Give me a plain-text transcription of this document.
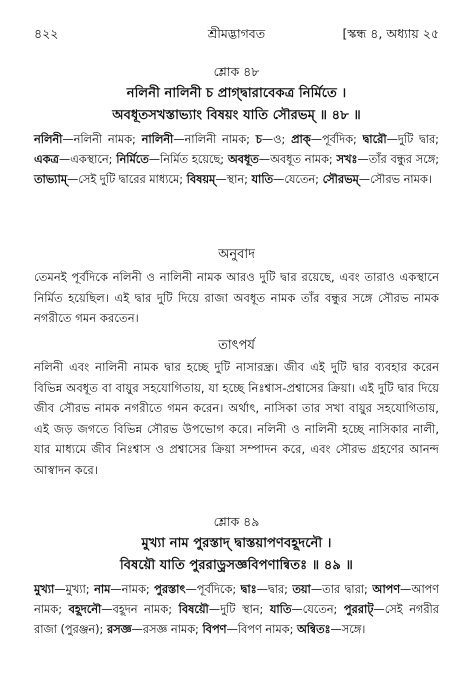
৪২২	শ্রীমদ্ভাগবত	[স্কন্ধ ৪, অধ্যায় ২৫
শ্লোক ৪৮
নলিনী নালিনী চ প্রাগ্দ্বারাবেকত্র নির্মিতে ।
অবধূতসখস্তাভ্যাং বিষয়ং যাতি সৌরভম্‌ ॥ ৪৮ ॥
নলিনী—নলিনী নামক; নালিনী—নালিনী নামক; চ—ও; প্রাক্‌—পূর্বদিক; দ্বারৌ—দুটি দ্বার; একত্র—একস্থানে; নির্মিতে—নির্মিত হয়েছে; অবধূত—অবধূত নামক; সখঃ—তাঁর বন্ধুর সঙ্গে; তাভ্যাম্‌—সেই দুটি দ্বারের মাধ্যমে; বিষয়ম্‌—স্থান; যাতি—যেতেন; সৌরভম্‌—সৌরভ নামক।
অনুবাদ
তেমনই পূর্বদিকে নলিনী ও নালিনী নামক আরও দুটি দ্বার রয়েছে, এবং তারাও একস্থানে নির্মিত হয়েছিল। এই দ্বার দুটি দিয়ে রাজা অবধূত নামক তাঁর বন্ধুর সঙ্গে সৌরভ নামক নগরীতে গমন করতেন।
তাৎপর্য
নলিনী এবং নালিনী নামক দ্বার হচ্ছে দুটি নাসারন্ধ্র। জীব এই দুটি দ্বার ব্যবহার করেন বিভিন্ন অবধূত বা বায়ুর সহযোগিতায়, যা হচ্ছে নিঃশ্বাস-প্রশ্বাসের ক্রিয়া। এই দুটি দ্বার দিয়ে জীব সৌরভ নামক নগরীতে গমন করেন। অর্থাৎ, নাসিকা তার সখা বায়ুর সহযোগিতায়, এই জড় জগতে বিভিন্ন সৌরভ উপভোগ করে। নলিনী ও নালিনী হচ্ছে নাসিকার নালী, যার মাধ্যমে জীব নিঃশ্বাস ও প্রশ্বাসের ক্রিয়া সম্পাদন করে, এবং সৌরভ গ্রহণের আনন্দ আস্বাদন করে।
শ্লোক ৪৯
মুখ্যা নাম পুরস্তাদ্‌ দ্বাস্তয়াপণবহূদনৌ ।
বিষয়ৌ যাতি পুররাড়্রসজ্ঞবিপণান্বিতঃ ॥ ৪৯ ॥
মুখ্যা—মুখ্যা; নাম—নামক; পুরস্তাৎ—পূর্বদিকে; দ্বাঃ—দ্বার; তয়া—তার দ্বারা; আপণ—আপণ নামক; বহূদনৌ—বহূদন নামক; বিষয়ৌ—দুটি স্থান; যাতি—যেতেন; পুররাট্‌—সেই নগরীর রাজা (পুরঞ্জন); রসজ্ঞ—রসজ্ঞ নামক; বিপণ—বিপণ নামক; অন্বিতঃ—সঙ্গে।
